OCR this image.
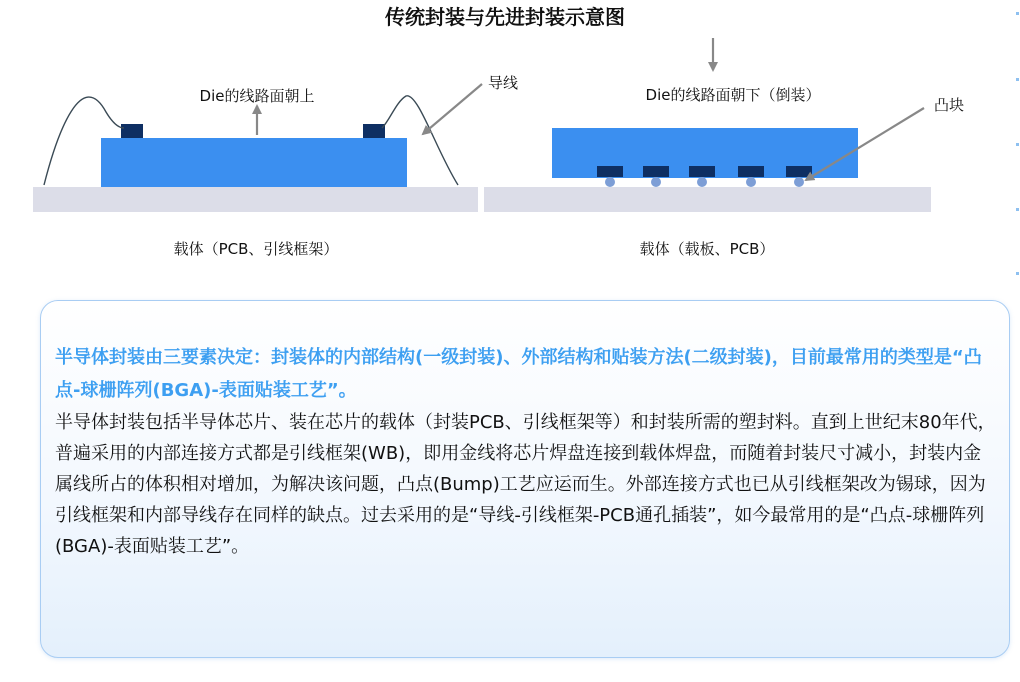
传统封装与先进封装示意图
Die的线路面朝上
导线
载体（PCB、引线框架）
Die的线路面朝下（倒装）
凸块
载体（载板、PCB）

半导体封装由三要素决定：封装体的内部结构(一级封装)、外部结构和贴装方法(二级封装)，目前最常用的类型是“凸点-球栅阵列(BGA)-表面贴装工艺”。

半导体封装包括半导体芯片、装在芯片的载体（封装PCB、引线框架等）和封装所需的塑封料。直到上世纪末80年代，普遍采用的内部连接方式都是引线框架(WB)，即用金线将芯片焊盘连接到载体焊盘，而随着封装尺寸减小，封装内金属线所占的体积相对增加，为解决该问题，凸点(Bump)工艺应运而生。外部连接方式也已从引线框架改为锡球，因为引线框架和内部导线存在同样的缺点。过去采用的是“导线-引线框架-PCB通孔插装”，如今最常用的是“凸点-球栅阵列(BGA)-表面贴装工艺”。
